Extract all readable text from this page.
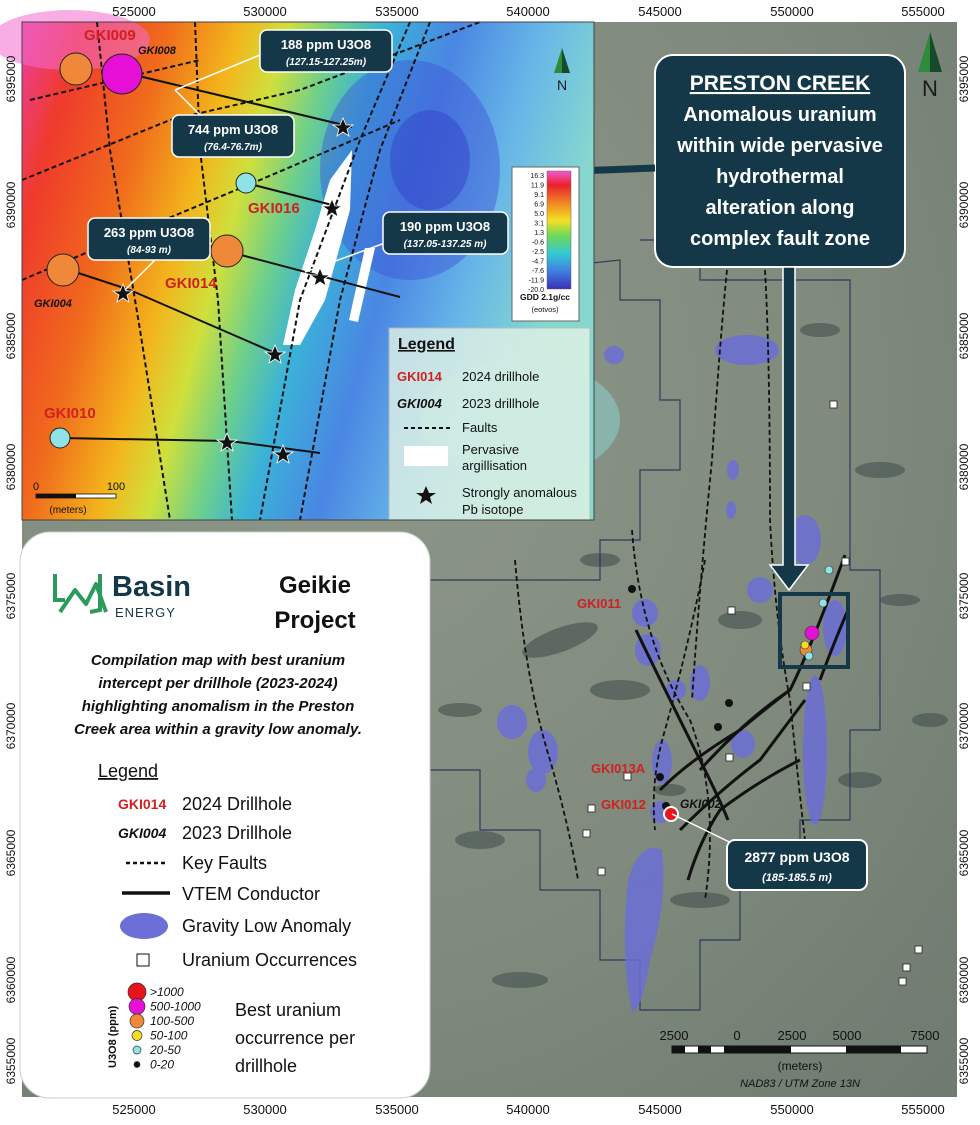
GKI011
GKI013A
GKI012	GKI002
2877 ppm U3O8
(185-185.5 m)
PRESTON CREEK
Anomalous uranium
within wide pervasive
hydrothermal
alteration along
complex fault zone
N
2500	0	2500 5000	7500
(meters)
NAD83 / UTM Zone 13N
188 ppm U3O8
(127.15-127.25m)
744 ppm U3O8
(76.4-76.7m)
263 ppm U3O8
(84-93 m)
190 ppm U3O8
(137.05-137.25 m)
GKI009
GKI008
GKI016
GKI014
GKI004
GKI010
N
16.3
11.9
9.1
6.9
5.0
3.1
1.3
-0.6
-2.5
-4.7
-7.6
-11.9
-20.0
GDD 2.1g/cc
(eotvos)
0	100
(meters)
Legend
GKI014 2024 drillhole
GKI004 2023 drillhole
Faults
Pervasive
argillisation
Strongly anomalous
Pb isotope
Basin
ENERGY
Geikie
Project
Compilation map with best uranium
intercept per drillhole (2023-2024)
highlighting anomalism in the Preston
Creek area within a gravity low anomaly.
Legend
GKI014 2024 Drillhole
GKI004 2023 Drillhole
Key Faults
VTEM Conductor
Gravity Low Anomaly
Uranium Occurrences
U3O8 (ppm)
>1000
500-1000
100-500
50-100
20-50
0-20
Best uranium
occurrence per
drillhole
525000	530000	535000	540000	545000	550000	555000
525000	530000	535000	540000	545000	550000	555000
6395000
6390000
6385000
6380000
6375000
6370000
6365000
6360000
6355000
6395000
6390000
6385000
6380000
6375000
6370000
6365000
6360000
6355000
